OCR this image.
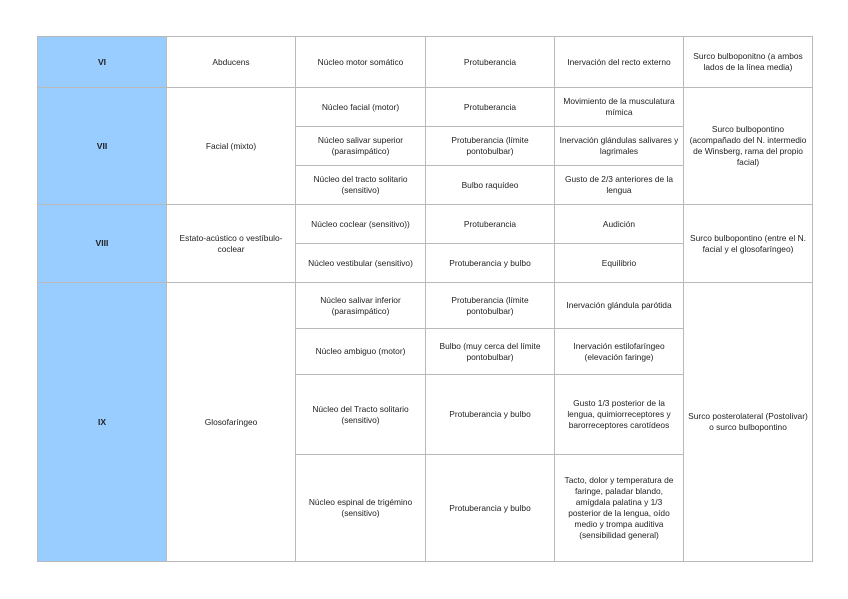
VI	Abducens	Núcleo motor somático	Protuberancia	Inervación del recto externo	Surco bulboponitno (a ambos lados de la línea media)
VII	Facial (mixto)	Núcleo facial (motor)	Protuberancia	Movimiento de la musculatura mímica	Surco bulbopontino (acompañado del N. intermedio de Winsberg, rama del propio facial)
		Núcleo salivar superior (parasimpático)	Protuberancia (límite pontobulbar)	Inervación glándulas salivares y lagrimales	
		Núcleo del tracto solitario (sensitivo)	Bulbo raquídeo	Gusto de 2/3 anteriores de la lengua	
VIII	Estato-acústico o vestíbulo-coclear	Núcleo coclear (sensitivo))	Protuberancia	Audición	Surco bulbopontino (entre el N. facial y el glosofaríngeo)
		Núcleo vestibular (sensitivo)	Protuberancia y bulbo	Equilibrio	
IX	Glosofaríngeo	Núcleo salivar inferior (parasimpático)	Protuberancia (límite pontobulbar)	Inervación glándula parótida	Surco posterolateral (Postolivar) o surco bulbopontino
		Núcleo ambiguo (motor)	Bulbo (muy cerca del límite pontobulbar)	Inervación estilofaríngeo (elevación faringe)	
		Núcleo del Tracto solitario (sensitivo)	Protuberancia y bulbo	Gusto 1/3 posterior de la lengua, quimiorreceptores y barorreceptores carotídeos	
		Núcleo espinal de trigémino (sensitivo)	Protuberancia y bulbo	Tacto, dolor y temperatura de faringe, paladar blando, amígdala palatina y 1/3 posterior de la lengua, oído medio y trompa auditiva (sensibilidad general)	
